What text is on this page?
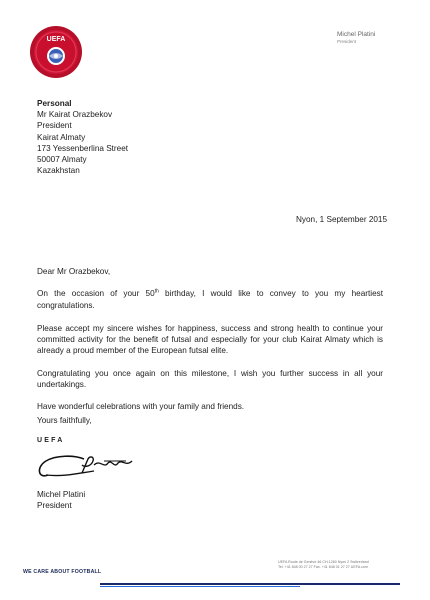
UEFA
Michel Platini
President
Personal
Mr Kairat Orazbekov
President
Kairat Almaty
173 Yessenberlina Street
50007 Almaty
Kazakhstan
Nyon, 1 September 2015

Dear Mr Orazbekov,

On the occasion of your 50th birthday, I would like to convey to you my heartiest congratulations.

Please accept my sincere wishes for happiness, success and strong health to continue your committed activity for the benefit of futsal and especially for your club Kairat Almaty which is already a proud member of the European futsal elite.

Congratulating you once again on this milestone, I wish you further success in all your undertakings.

Have wonderful celebrations with your family and friends.

Yours faithfully,
UEFA
Michel Platini
President
UEFA Route de Genève 46 CH-1260 Nyon 2 Switzerland
Tel. +41 848 00 27 27 Fax. +41 848 01 27 27 UEFA.com
WE CARE ABOUT FOOTBALL
